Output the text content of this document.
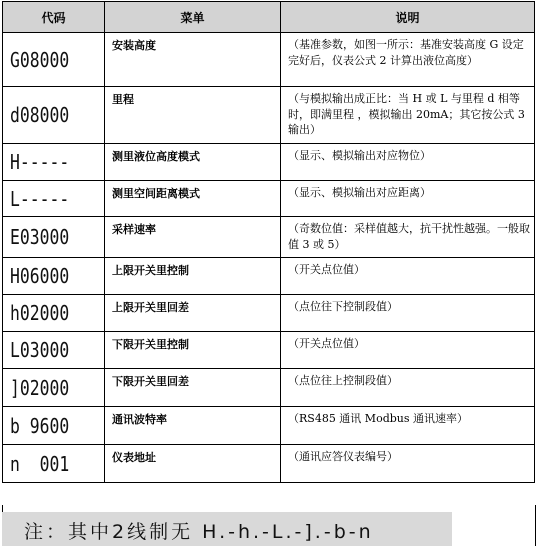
代码	菜单	说明
G08000	安装高度	（基准参数，如图一所示：基准安装高度 G 设定完好后，仪表公式 2 计算出液位高度）
d08000	里程	（与模拟输出成正比：当 H 或 L 与里程 d 相等时，即满里程 ，模拟输出 20mA；其它按公式 3 输出）
H-----	测里液位高度模式	（显示、模拟输出对应物位）
L-----	测里空间距离模式	（显示、模拟输出对应距离）
E03000	采样速率	（奇数位值：采样值越大，抗干扰性越强。一般取值 3 或 5）
H06000	上限开关里控制	（开关点位值）
h02000	上限开关里回差	（点位往下控制段值）
L03000	下限开关里控制	（开关点位值）
]02000	下限开关里回差	（点位往上控制段值）
b 9600	通讯波特率	（RS485 通讯 Modbus 通讯速率）
n  001	仪表地址	（通讯应答仪表编号）
注：其中2线制无 H.-h.-L.-].-b-n
